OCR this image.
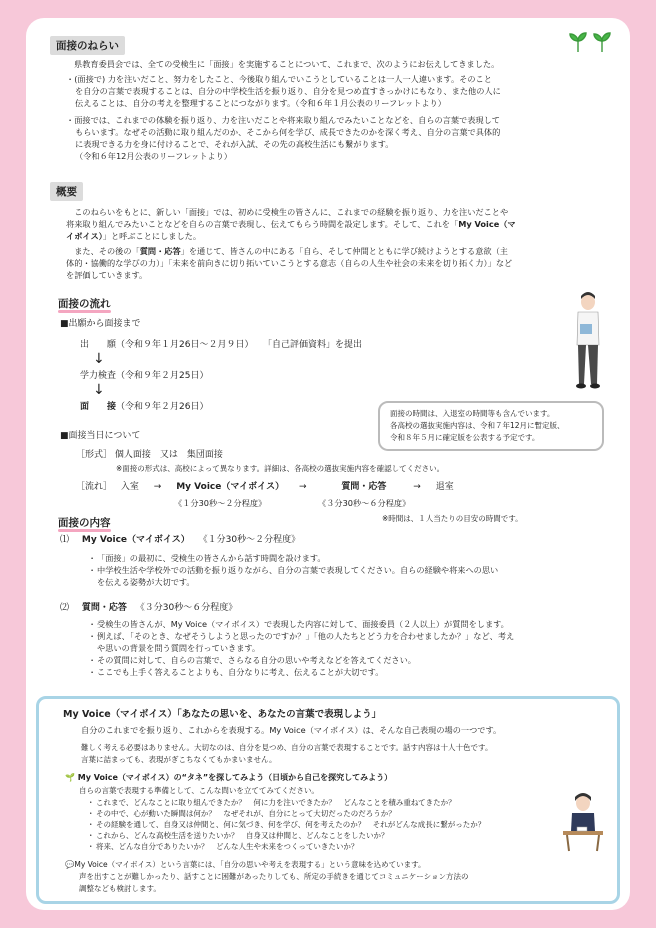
面接のねらい
県教育委員会では、全ての受検生に「面接」を実施することについて、これまで、次のようにお伝えしてきました。
・(面接で) 力を注いだこと、努力をしたこと、今後取り組んでいこうとしていることは一人一人違います。そのこと
を自分の言葉で表現することは、自分の中学校生活を振り返り、自分を見つめ直すきっかけにもなり、また他の人に
伝えることは、自分の考えを整理することにつながります。（令和６年１月公表のリーフレットより）
・面接では、これまでの体験を振り返り、力を注いだことや将来取り組んでみたいことなどを、自らの言葉で表現して
もらいます。なぜその活動に取り組んだのか、そこから何を学び、成長できたのかを深く考え、自分の言葉で具体的
に表現できる力を身に付けることで、それが入試、その先の高校生活にも繋がります。
（令和６年12月公表のリーフレットより）
概要
　このねらいをもとに、新しい「面接」では、初めに受検生の皆さんに、これまでの経験を振り返り、力を注いだことや
将来取り組んでみたいことなどを自らの言葉で表現し、伝えてもらう時間を設定します。そして、これを「My Voice（マ
イボイス）」と呼ぶことにしました。
　また、その後の「質問・応答」を通じて、皆さんの中にある「自ら、そして仲間とともに学び続けようとする意欲（主
体的・協働的な学びの力）」「未来を前向きに切り拓いていこうとする意志（自らの人生や社会の未来を切り拓く力）」など
を評価していきます。
面接の流れ
■出願から面接まで
出　　願（令和９年１月26日～２月９日） 「自己評価資料」を提出
↓
学力検査（令和９年２月25日）
↓
面　　接（令和９年２月26日）
面接の時間は、入退室の時間等も含んでいます。
各高校の選抜実施内容は、令和７年12月に暫定版、
令和８年５月に確定版を公表する予定です。
■面接当日について
［形式］ 個人面接　又は　集団面接
※面接の形式は、高校によって異なります。詳細は、各高校の選抜実施内容を確認してください。
［流れ］ 入室 → My Voice（マイボイス） →	質問・応答	→ 退室
《１分30秒～２分程度》	《３分30秒～６分程度》
※時間は、１人当たりの目安の時間です。
面接の内容
⑴ My Voice（マイボイス） 《１分30秒～２分程度》
・ 「面接」の最初に、受検生の皆さんから話す時間を設けます。
・ 中学校生活や学校外での活動を振り返りながら、自分の言葉で表現してください。自らの経験や将来への思い
を伝える姿勢が大切です。
⑵ 質問・応答 《３分30秒～６分程度》
・ 受検生の皆さんが、My Voice（マイボイス）で表現した内容に対して、面接委員（２人以上）が質問をします。
・ 例えば、「そのとき、なぜそうしようと思ったのですか？」「他の人たちとどう力を合わせましたか？」など、考え
や思いの背景を問う質問を行っていきます。
・ その質問に対して、自らの言葉で、さらなる自分の思いや考えなどを答えてください。
・ ここでも上手く答えることよりも、自分なりに考え、伝えることが大切です。
My Voice（マイボイス）「あなたの思いを、あなたの言葉で表現しよう」
自分のこれまでを振り返り、これからを表現する。My Voice（マイボイス）は、そんな自己表現の場の一つです。
難しく考える必要はありません。大切なのは、自分を見つめ、自分の言葉で表現することです。話す内容は十人十色です。
言葉に詰まっても、表現がぎこちなくてもかまいません。
🌱 My Voice（マイボイス）の“タネ”を探してみよう（日頃から自己を探究してみよう）
自らの言葉で表現する準備として、こんな問いを立ててみてください。
・ これまで、どんなことに取り組んできたか？　何に力を注いできたか？　どんなことを積み重ねてきたか？
・ その中で、心が動いた瞬間は何か？　なぜそれが、自分にとって大切だったのだろうか？
・ その経験を通して、自身又は仲間と、何に気づき、何を学び、何を考えたのか？　それがどんな成長に繋がったか？
・ これから、どんな高校生活を送りたいか？　自身又は仲間と、どんなことをしたいか？
・ 将来、どんな自分でありたいか？　どんな人生や未来をつくっていきたいか？
💬My Voice（マイボイス）という言葉には、「自分の思いや考えを表現する」という意味を込めています。
声を出すことが難しかったり、話すことに困難があったりしても、所定の手続きを通じてコミュニケーション方法の
調整なども検討します。
